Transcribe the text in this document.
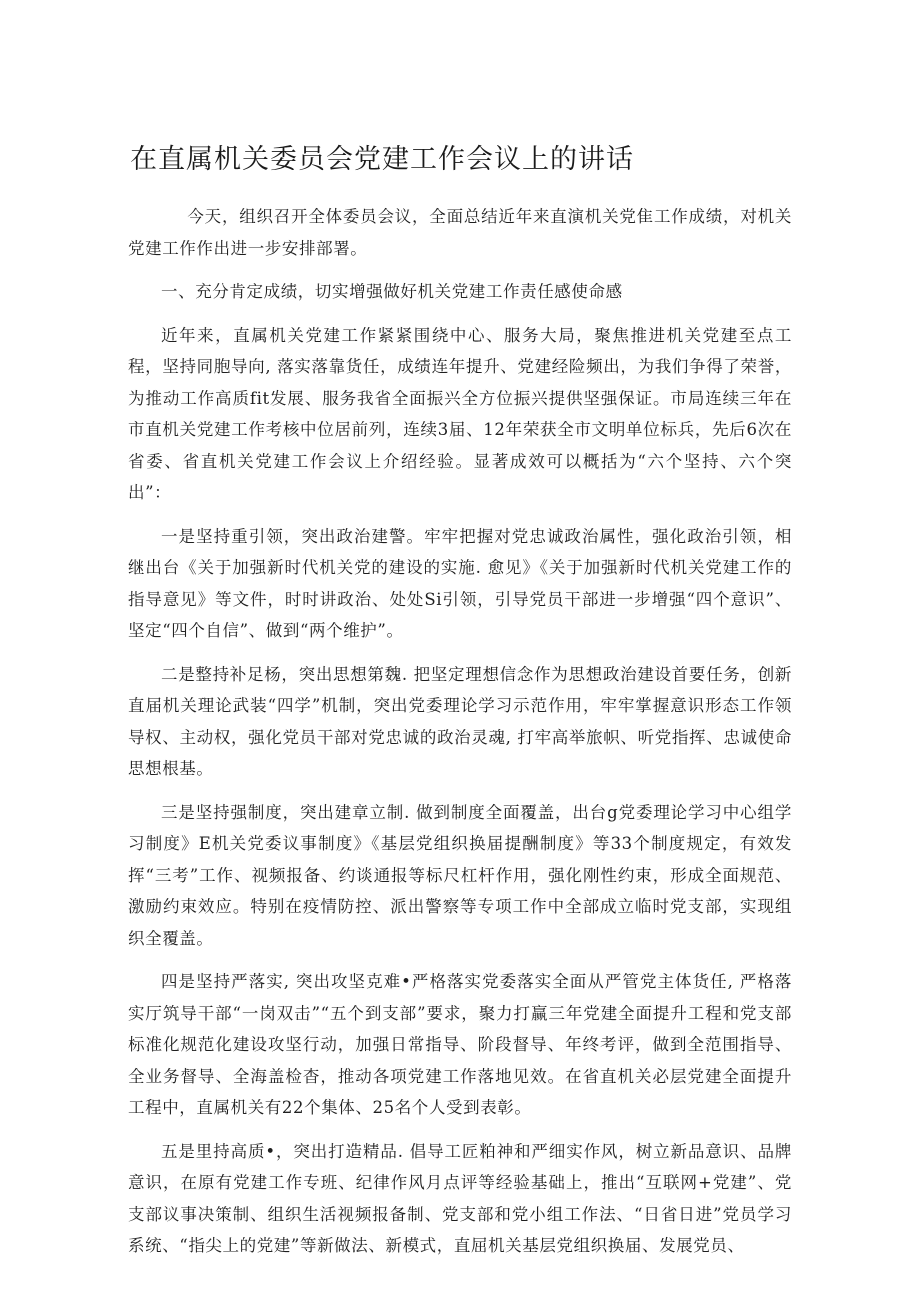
在直属机关委员会党建工作会议上的讲话

今天，组织召开全体委员会议，全面总结近年来直演机关党隹工作成绩，对机关党建工作作出进一步安排部署。

一、充分肯定成绩，切实增强做好机关党建工作责任感使命感

近年来，直属机关党建工作紧紧围绕中心、服务大局，聚焦推进机关党建至点工程，坚持同胞导向, 落实落靠货任，成绩连年提升、党建经险频出，为我们争得了荣誉，为推动工作高质fit发展、服务我省全面振兴全方位振兴提供坚强保证。市局连续三年在市直机关党建工作考核中位居前列，连续3届、12年荣获全市文明单位标兵，先后6次在省委、省直机关党建工作会议上介绍经验。显著成效可以概括为“六个坚持、六个突出”：

一是坚持重引领，突出政治建警。牢牢把握对党忠诚政治属性，强化政治引领，相继出台《关于加强新时代机关党的建设的实施. 愈见》《关于加强新时代机关党建工作的指导意见》等文件，时时讲政治、处处Si引领，引导党员干部进一步增强“四个意识”、坚定“四个自信”、做到“两个维护”。

二是整持补足杨，突出思想第魏. 把坚定理想信念作为思想政治建设首要任务，创新直届机关理论武装“四学”机制，突出党委理论学习示范作用，牢牢掌握意识形态工作领导权、主动权，强化党员干部对党忠诚的政治灵魂, 打牢高举旅帜、听党指挥、忠诚使命思想根基。

三是坚持强制度，突出建章立制. 做到制度全面覆盖，出台g党委理论学习中心组学习制度》E机关党委议事制度》《基层党组织换届提酬制度》等33个制度规定，有效发挥“三考”工作、视频报备、约谈通报等标尺杠杆作用，强化刚性约束，形成全面规范、激励约束效应。特别在疫情防控、派出警察等专项工作中全部成立临时党支部，实现组织全覆盖。

四是坚持严落实, 突出攻坚克难•严格落实党委落实全面从严管党主体货任, 严格落实厅筑导干部“一岗双击”“五个到支部”要求，聚力打赢三年党建全面提升工程和党支部标准化规范化建设攻坚行动，加强日常指导、阶段督导、年终考评，做到全范围指导、全业务督导、全海盖检杳，推动各项党建工作落地见效。在省直机关必层党建全面提升工程中，直属机关有22个集体、25名个人受到表彰。

五是里持高质•，突出打造精品. 倡导工匠粕神和严细实作风，树立新品意识、品牌意识，在原有党建工作专班、纪律作风月点评等经验基础上，推出“互联网+党建”、党支部议事决策制、组织生活视频报备制、党支部和党小组工作法、“日省日进”党员学习系统、“指尖上的党建”等新做法、新模式，直屈机关基层党组织换届、发展党员、
